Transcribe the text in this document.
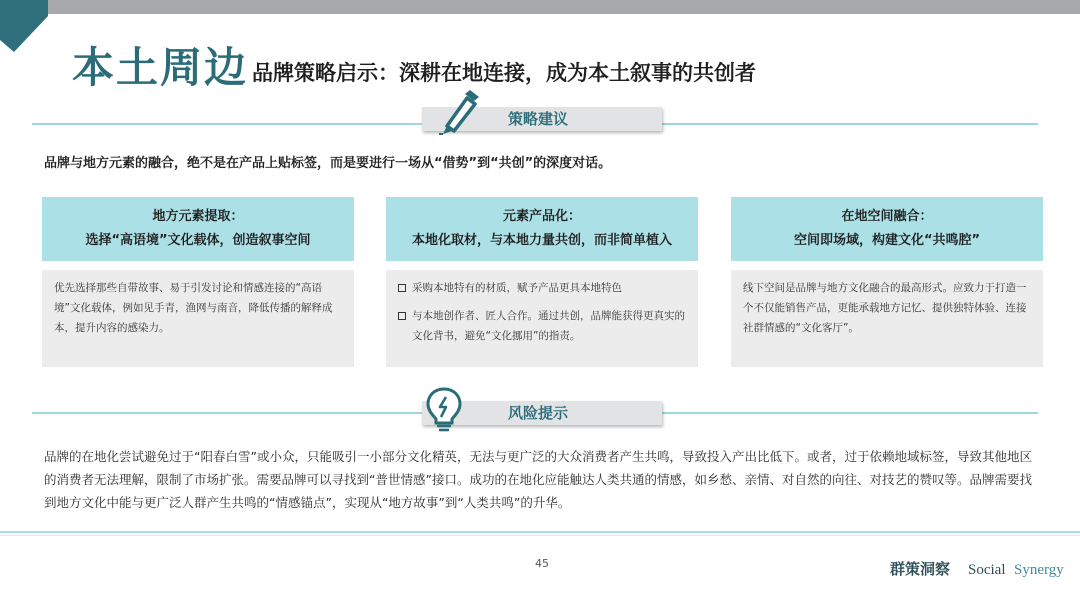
本土周边 品牌策略启示：深耕在地连接，成为本土叙事的共创者
策略建议
品牌与地方元素的融合，绝不是在产品上贴标签，而是要进行一场从“借势”到“共创”的深度对话。
地方元素提取：
选择“高语境”文化载体，创造叙事空间
优先选择那些自带故事、易于引发讨论和情感连接的“高语境”文化载体，例如见手青，渔网与南音，降低传播的解释成本，提升内容的感染力。
元素产品化：
本地化取材，与本地力量共创，而非简单植入
采购本地特有的材质，赋予产品更具本地特色
与本地创作者、匠人合作。通过共创，品牌能获得更真实的文化背书，避免“文化挪用”的指责。
在地空间融合：
空间即场域，构建文化“共鸣腔”
线下空间是品牌与地方文化融合的最高形式。应致力于打造一个不仅能销售产品，更能承载地方记忆、提供独特体验、连接社群情感的“文化客厅”。
风险提示
品牌的在地化尝试避免过于“阳春白雪”或小众，只能吸引一小部分文化精英，无法与更广泛的大众消费者产生共鸣，导致投入产出比低下。或者，过于依赖地域标签，导致其他地区的消费者无法理解，限制了市场扩张。需要品牌可以寻找到“普世情感”接口。成功的在地化应能触达人类共通的情感，如乡愁、亲情、对自然的向往、对技艺的赞叹等。品牌需要找到地方文化中能与更广泛人群产生共鸣的“情感锚点”，实现从“地方故事”到“人类共鸣”的升华。
45	群策洞察 Social Synergy
